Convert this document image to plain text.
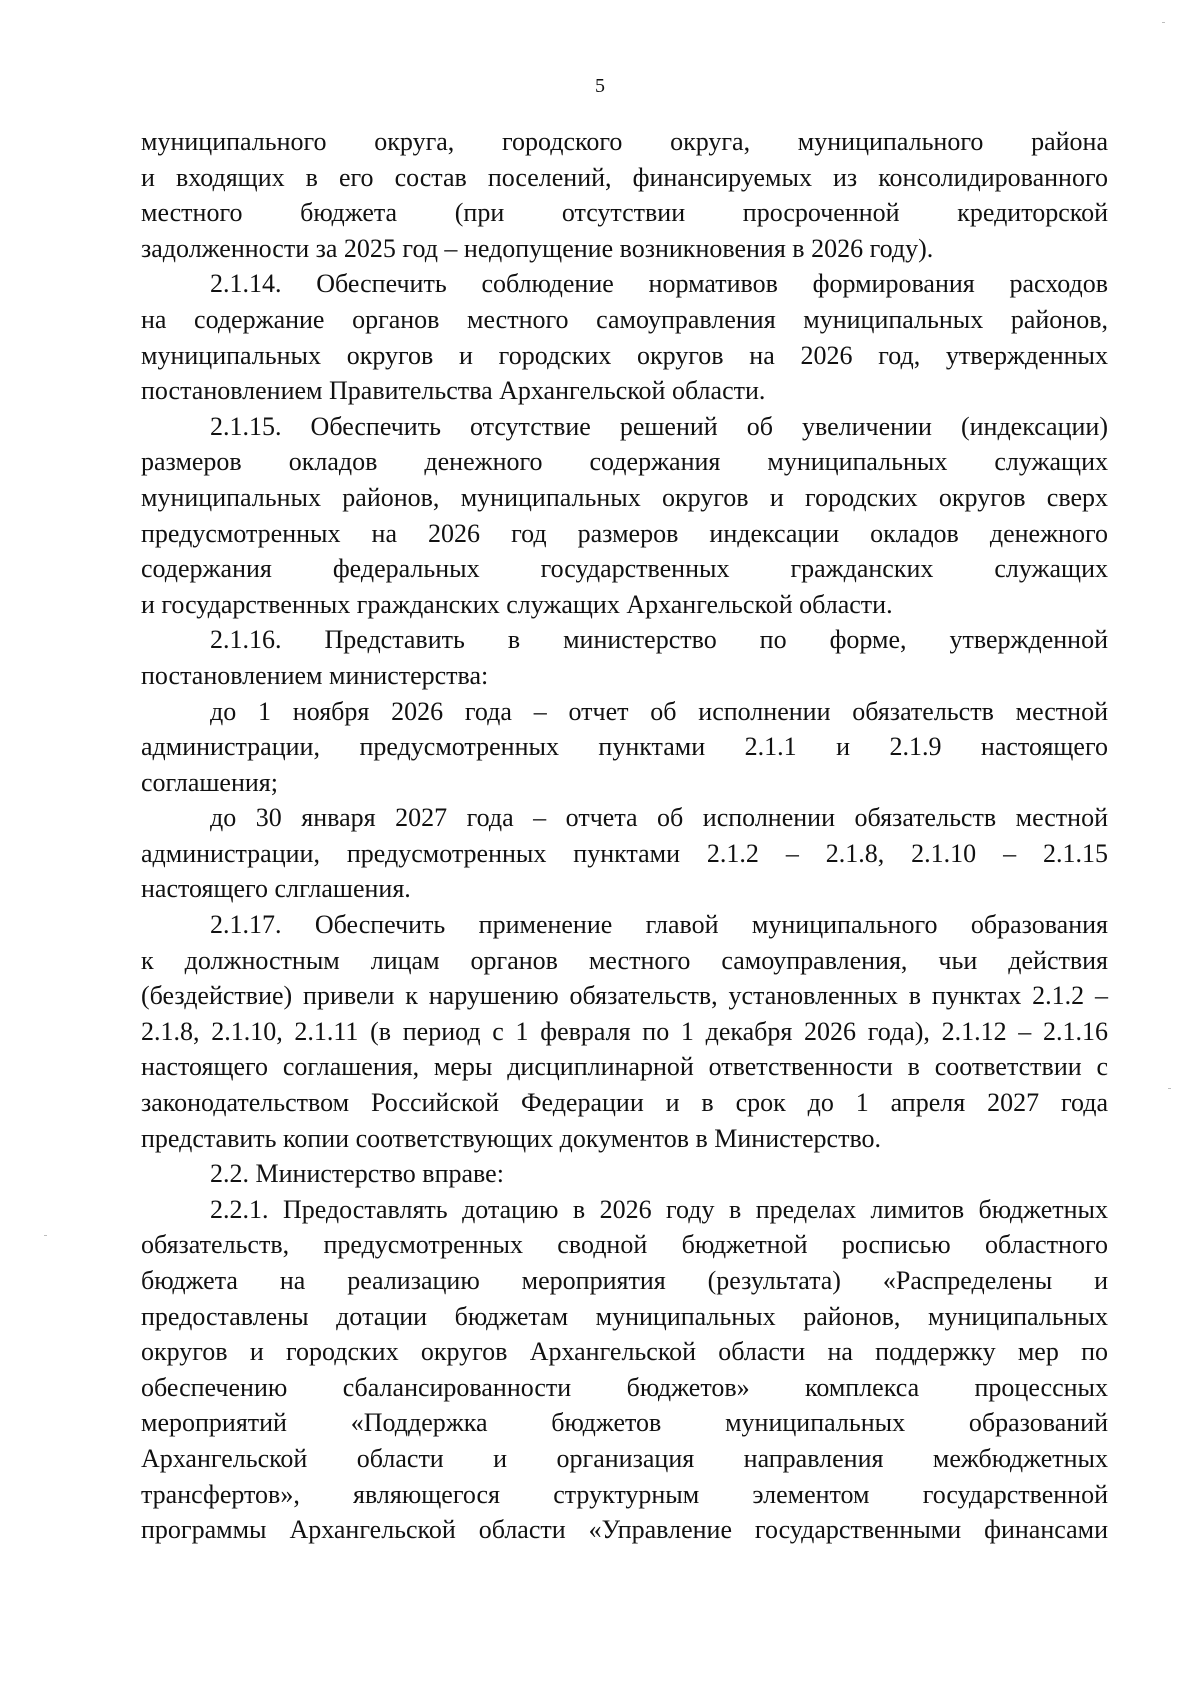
5
муниципального округа, городского округа, муниципального района
и входящих в его состав поселений, финансируемых из консолидированного
местного бюджета (при отсутствии просроченной кредиторской
задолженности за 2025 год – недопущение возникновения в 2026 году).
2.1.14. Обеспечить соблюдение нормативов формирования расходов
на содержание органов местного самоуправления муниципальных районов,
муниципальных округов и городских округов на 2026 год, утвержденных
постановлением Правительства Архангельской области.
2.1.15. Обеспечить отсутствие решений об увеличении (индексации)
размеров окладов денежного содержания муниципальных служащих
муниципальных районов, муниципальных округов и городских округов сверх
предусмотренных на 2026 год размеров индексации окладов денежного
содержания федеральных государственных гражданских служащих
и государственных гражданских служащих Архангельской области.
2.1.16. Представить в министерство по форме, утвержденной
постановлением министерства:
до 1 ноября 2026 года – отчет об исполнении обязательств местной
администрации, предусмотренных пунктами 2.1.1 и 2.1.9 настоящего
соглашения;
до 30 января 2027 года – отчета об исполнении обязательств местной
администрации, предусмотренных пунктами 2.1.2 – 2.1.8, 2.1.10 – 2.1.15
настоящего слглашения.
2.1.17. Обеспечить применение главой муниципального образования
к должностным лицам органов местного самоуправления, чьи действия
(бездействие) привели к нарушению обязательств, установленных в пунктах 2.1.2 –
2.1.8, 2.1.10, 2.1.11 (в период с 1 февраля по 1 декабря 2026 года), 2.1.12 – 2.1.16
настоящего соглашения, меры дисциплинарной ответственности в соответствии с
законодательством Российской Федерации и в срок до 1 апреля 2027 года
представить копии соответствующих документов в Министерство.
2.2. Министерство вправе:
2.2.1. Предоставлять дотацию в 2026 году в пределах лимитов бюджетных
обязательств, предусмотренных сводной бюджетной росписью областного
бюджета на реализацию мероприятия (результата) «Распределены и
предоставлены дотации бюджетам муниципальных районов, муниципальных
округов и городских округов Архангельской области на поддержку мер по
обеспечению сбалансированности бюджетов» комплекса процессных
мероприятий «Поддержка бюджетов муниципальных образований
Архангельской области и организация направления межбюджетных
трансфертов», являющегося структурным элементом государственной
программы Архангельской области «Управление государственными финансами
